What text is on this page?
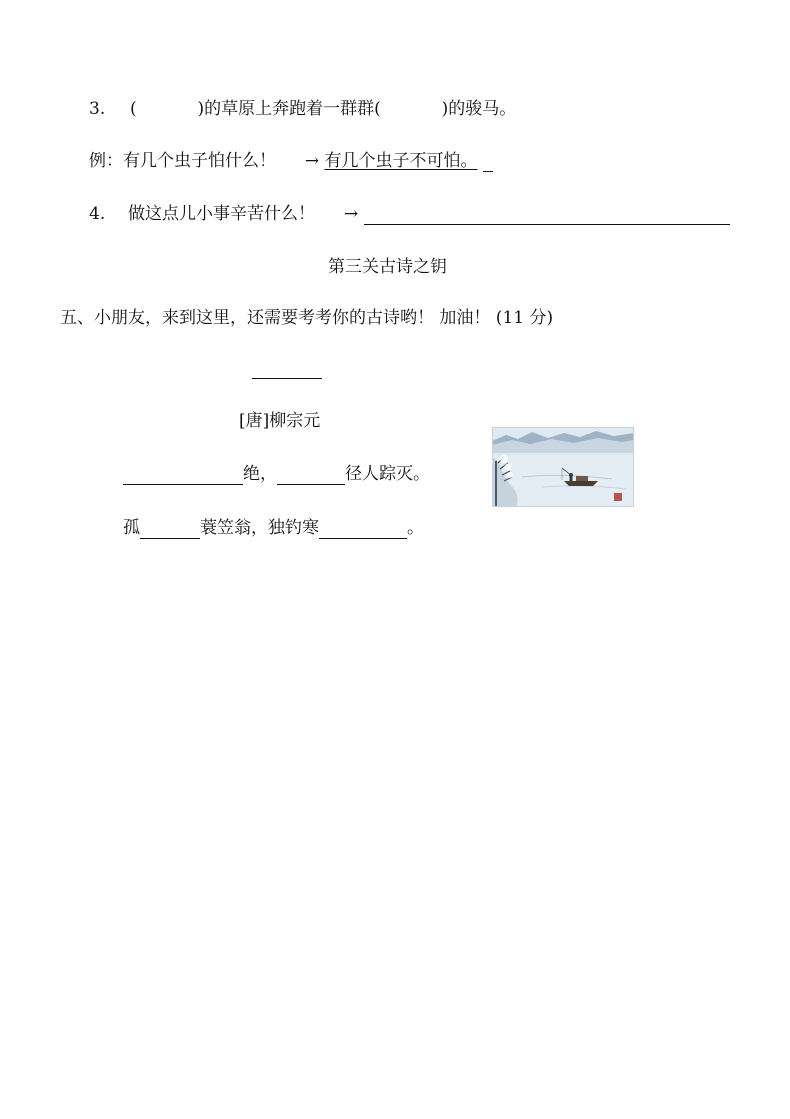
3. (	)的草原上奔跑着一群群(	)的骏马。
例：有几个虫子怕什么！ → 有几个虫子不可怕。
4. 做这点儿小事辛苦什么！ →
第三关古诗之钥
五、小朋友，来到这里，还需要考考你的古诗哟！ 加油！ (11 分)
[唐]柳宗元
绝，	径人踪灭。
孤	蓑笠翁，独钓寒	。
